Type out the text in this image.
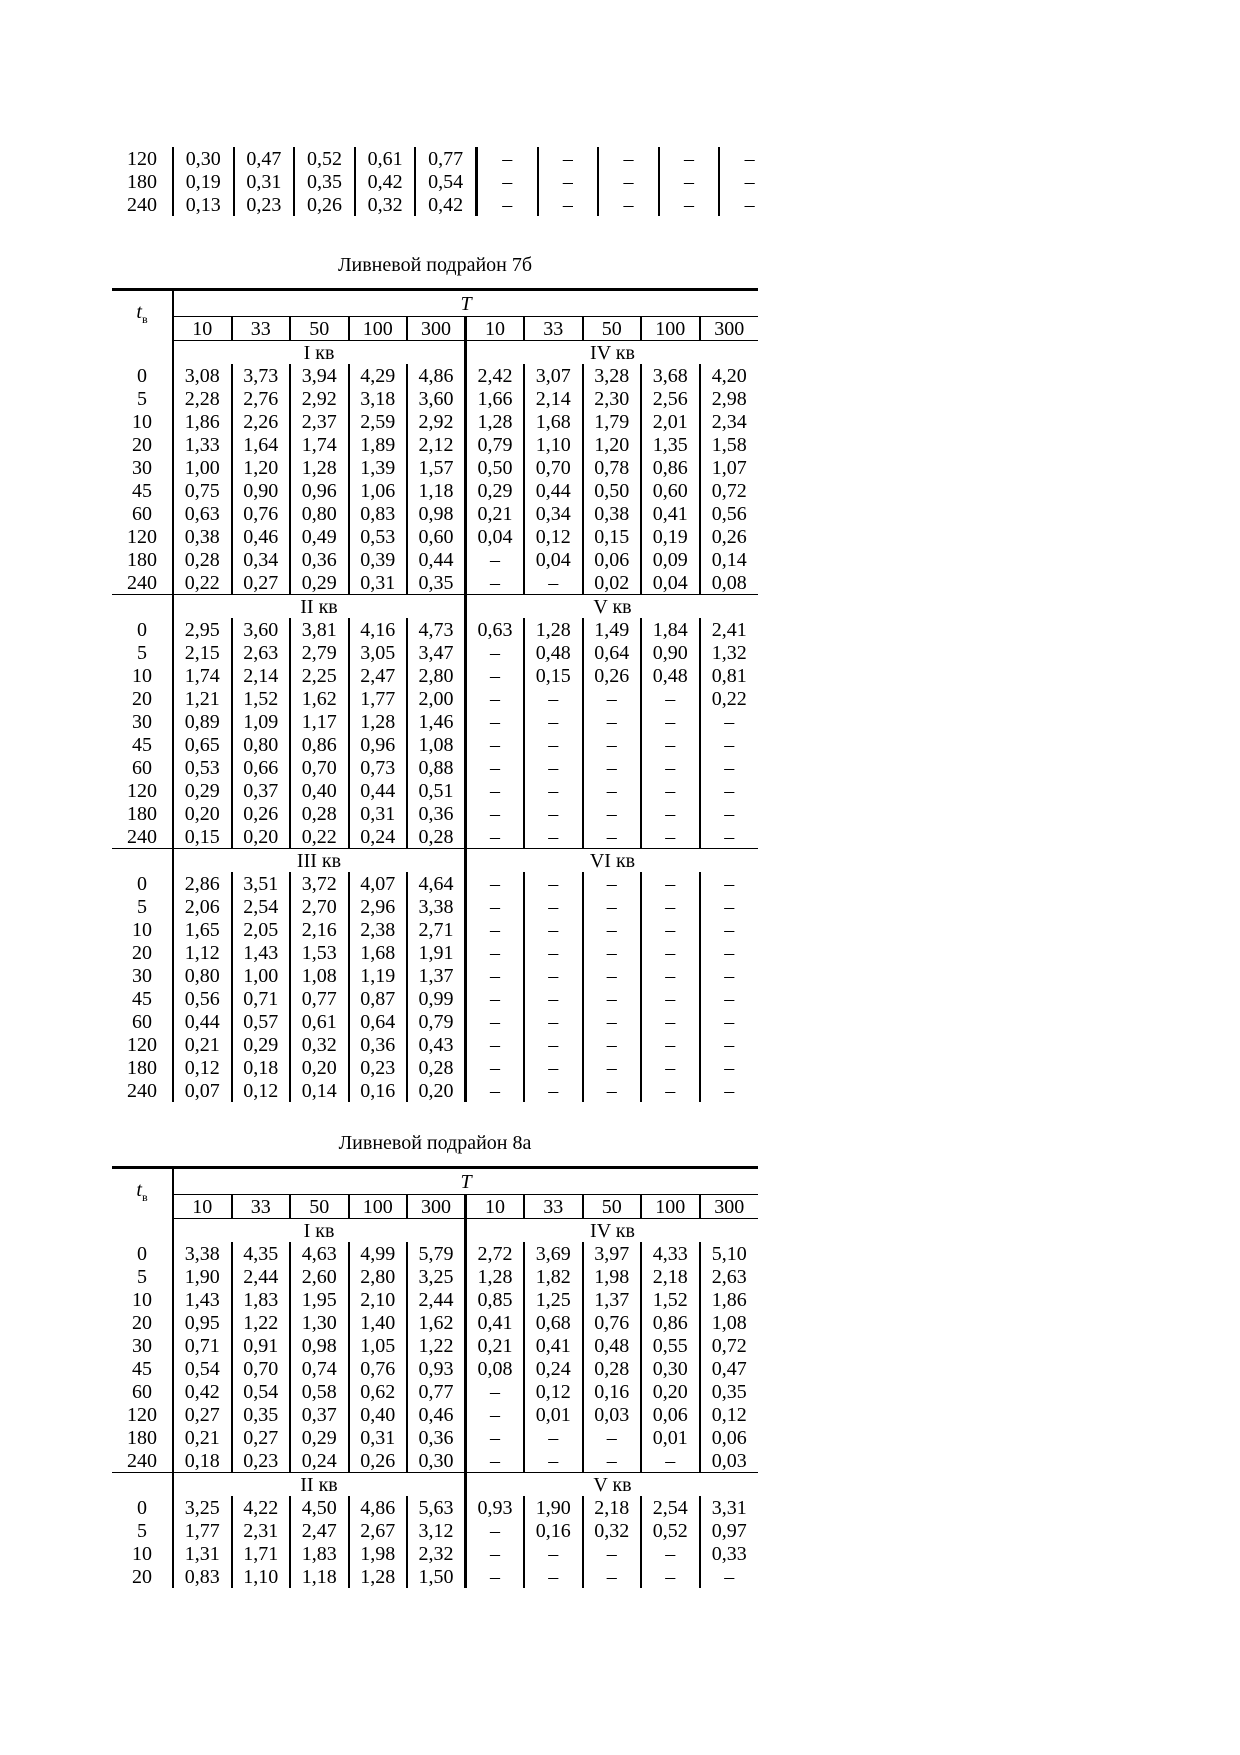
120	0,30	0,47	0,52	0,61	0,77	–	–	–	–	–
180	0,19	0,31	0,35	0,42	0,54	–	–	–	–	–
240	0,13	0,23	0,26	0,32	0,42	–	–	–	–	–
Ливневой подрайон 7б
$t_в$	T									
	10	33	50	100	300	10	33	50	100	300
	I кв					IV кв				
0	3,08	3,73	3,94	4,29	4,86	2,42	3,07	3,28	3,68	4,20
5	2,28	2,76	2,92	3,18	3,60	1,66	2,14	2,30	2,56	2,98
10	1,86	2,26	2,37	2,59	2,92	1,28	1,68	1,79	2,01	2,34
20	1,33	1,64	1,74	1,89	2,12	0,79	1,10	1,20	1,35	1,58
30	1,00	1,20	1,28	1,39	1,57	0,50	0,70	0,78	0,86	1,07
45	0,75	0,90	0,96	1,06	1,18	0,29	0,44	0,50	0,60	0,72
60	0,63	0,76	0,80	0,83	0,98	0,21	0,34	0,38	0,41	0,56
120	0,38	0,46	0,49	0,53	0,60	0,04	0,12	0,15	0,19	0,26
180	0,28	0,34	0,36	0,39	0,44	–	0,04	0,06	0,09	0,14
240	0,22	0,27	0,29	0,31	0,35	–	–	0,02	0,04	0,08
	II кв					V кв				
0	2,95	3,60	3,81	4,16	4,73	0,63	1,28	1,49	1,84	2,41
5	2,15	2,63	2,79	3,05	3,47	–	0,48	0,64	0,90	1,32
10	1,74	2,14	2,25	2,47	2,80	–	0,15	0,26	0,48	0,81
20	1,21	1,52	1,62	1,77	2,00	–	–	–	–	0,22
30	0,89	1,09	1,17	1,28	1,46	–	–	–	–	–
45	0,65	0,80	0,86	0,96	1,08	–	–	–	–	–
60	0,53	0,66	0,70	0,73	0,88	–	–	–	–	–
120	0,29	0,37	0,40	0,44	0,51	–	–	–	–	–
180	0,20	0,26	0,28	0,31	0,36	–	–	–	–	–
240	0,15	0,20	0,22	0,24	0,28	–	–	–	–	–
	III кв					VI кв				
0	2,86	3,51	3,72	4,07	4,64	–	–	–	–	–
5	2,06	2,54	2,70	2,96	3,38	–	–	–	–	–
10	1,65	2,05	2,16	2,38	2,71	–	–	–	–	–
20	1,12	1,43	1,53	1,68	1,91	–	–	–	–	–
30	0,80	1,00	1,08	1,19	1,37	–	–	–	–	–
45	0,56	0,71	0,77	0,87	0,99	–	–	–	–	–
60	0,44	0,57	0,61	0,64	0,79	–	–	–	–	–
120	0,21	0,29	0,32	0,36	0,43	–	–	–	–	–
180	0,12	0,18	0,20	0,23	0,28	–	–	–	–	–
240	0,07	0,12	0,14	0,16	0,20	–	–	–	–	–
Ливневой подрайон 8а
$t_в$	T									
	10	33	50	100	300	10	33	50	100	300
	I кв					IV кв				
0	3,38	4,35	4,63	4,99	5,79	2,72	3,69	3,97	4,33	5,10
5	1,90	2,44	2,60	2,80	3,25	1,28	1,82	1,98	2,18	2,63
10	1,43	1,83	1,95	2,10	2,44	0,85	1,25	1,37	1,52	1,86
20	0,95	1,22	1,30	1,40	1,62	0,41	0,68	0,76	0,86	1,08
30	0,71	0,91	0,98	1,05	1,22	0,21	0,41	0,48	0,55	0,72
45	0,54	0,70	0,74	0,76	0,93	0,08	0,24	0,28	0,30	0,47
60	0,42	0,54	0,58	0,62	0,77	–	0,12	0,16	0,20	0,35
120	0,27	0,35	0,37	0,40	0,46	–	0,01	0,03	0,06	0,12
180	0,21	0,27	0,29	0,31	0,36	–	–	–	0,01	0,06
240	0,18	0,23	0,24	0,26	0,30	–	–	–	–	0,03
	II кв					V кв				
0	3,25	4,22	4,50	4,86	5,63	0,93	1,90	2,18	2,54	3,31
5	1,77	2,31	2,47	2,67	3,12	–	0,16	0,32	0,52	0,97
10	1,31	1,71	1,83	1,98	2,32	–	–	–	–	0,33
20	0,83	1,10	1,18	1,28	1,50	–	–	–	–	–
